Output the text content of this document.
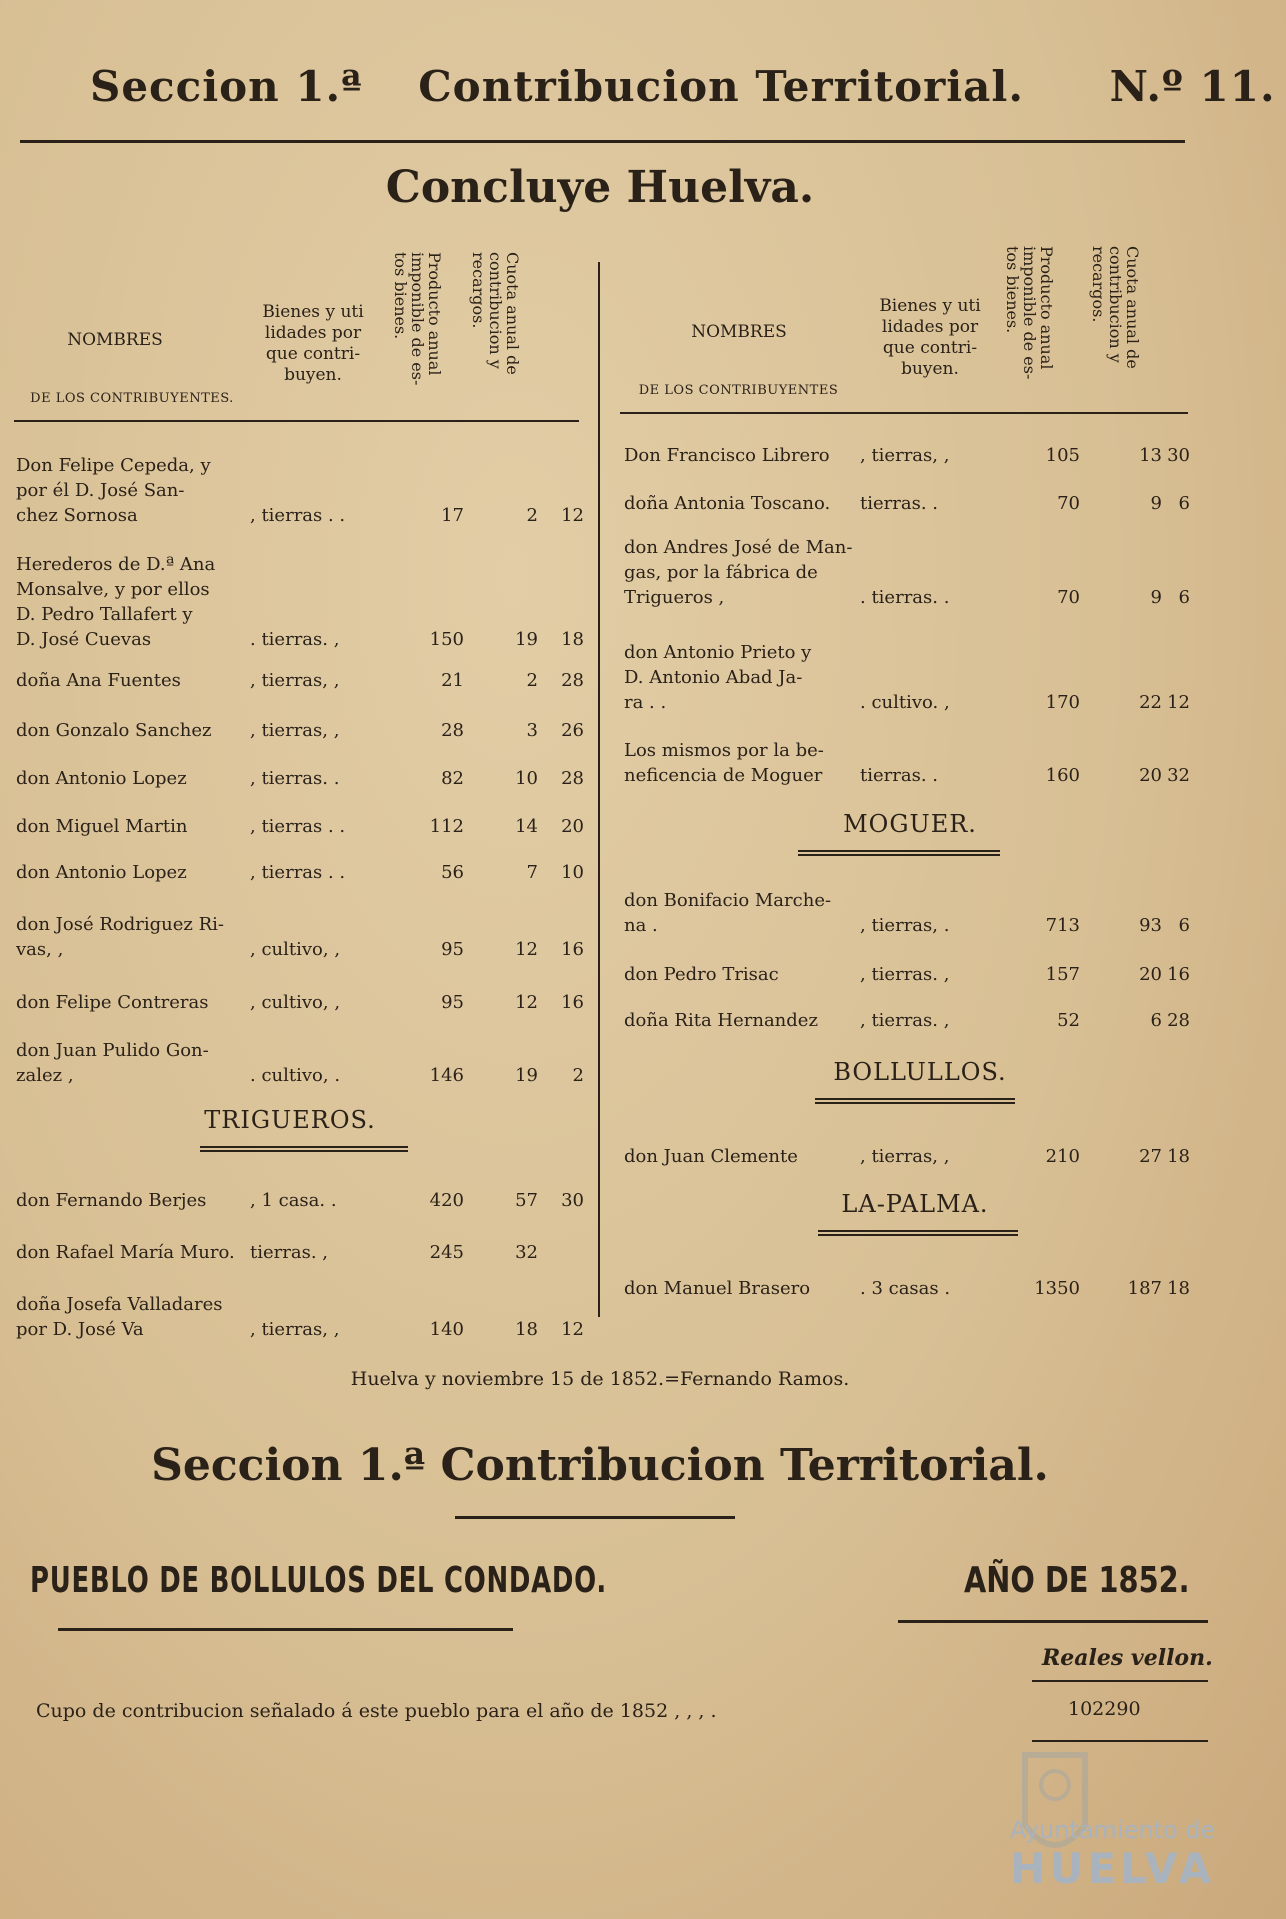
Seccion 1.ª Contribucion Territorial. N.º 11.
Concluye Huelva.
NOMBRES
DE LOS CONTRIBUYENTES.
Bienes y uti
lidades por
que contri-
buyen.
Producto anual imponible de es-
tos bienes.
Cuota anual de contribucion y
recargos.
NOMBRES
DE LOS CONTRIBUYENTES
Bienes y uti
lidades por
que contri-
buyen.
Producto anual imponible de es-
tos bienes.
Cuota anual de contribucion y
recargos.
Don Felipe Cepeda, y
por él D. José San-
chez Sornosa	, tierras . .	17	2	12
Herederos de D.ª Ana
Monsalve, y por ellos
D. Pedro Tallafert y
D. José Cuevas	. tierras. ,	150	19	18
doña Ana Fuentes	, tierras, ,	21	2	28
don Gonzalo Sanchez	, tierras, ,	28	3	26
don Antonio Lopez	, tierras. .	82	10	28
don Miguel Martin	, tierras . .	112	14	20
don Antonio Lopez	, tierras . .	56	7	10
don José Rodriguez Ri-
vas, ,	, cultivo, ,	95	12	16
don Felipe Contreras	, cultivo, ,	95	12	16
don Juan Pulido Gon-
zalez ,	. cultivo, .	146	19	2
TRIGUEROS.
don Fernando Berjes	, 1 casa. .	420	57	30
don Rafael María Muro. tierras. ,	245	32
doña Josefa Valladares
por D. José Va	, tierras, ,	140	18	12
Don Francisco Librero	, tierras, ,	105	13 30
doña Antonia Toscano.	tierras. .	70	9 6
don Andres José de Man-
gas, por la fábrica de
Trigueros ,	. tierras. .	70	9 6
don Antonio Prieto y
D. Antonio Abad Ja-
ra . .	. cultivo. ,	170	22 12
Los mismos por la be-
neficencia de Moguer	tierras. .	160	20 32
MOGUER.
don Bonifacio Marche-
na .	, tierras, .	713	93 6
don Pedro Trisac	, tierras. ,	157	20 16
doña Rita Hernandez	, tierras. ,	52	6 28
BOLLULLOS.
don Juan Clemente	, tierras, ,	210	27 18
LA-PALMA.
don Manuel Brasero	. 3 casas .	1350	187 18
Huelva y noviembre 15 de 1852.=Fernando Ramos.
Seccion 1.ª Contribucion Territorial.
PUEBLO DE BOLLULOS DEL CONDADO.	AÑO DE 1852.
Reales vellon.
Cupo de contribucion señalado á este pueblo para el año de 1852 , , , .	102290
Ayuntamiento de
HUELVA
